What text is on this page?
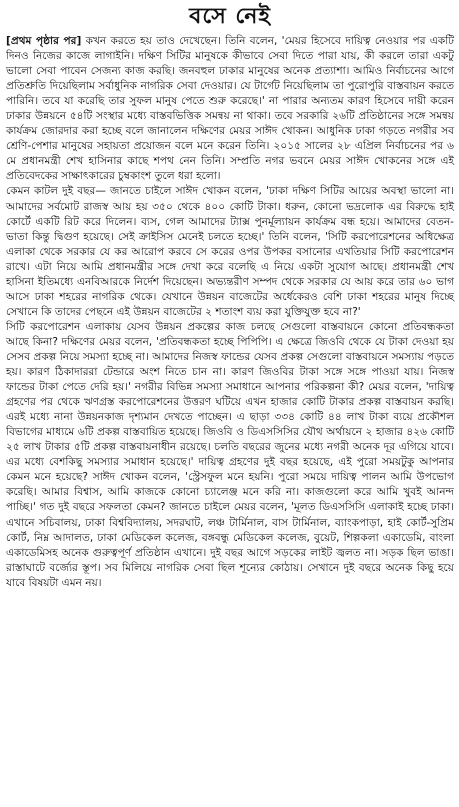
বসে নেই

[প্রথম পৃষ্ঠার পর] কখন করতে হয় তাও দেখেছেন। তিনি বলেন, 'মেয়র হিসেবে দায়িত্ব নেওয়ার পর একটি দিনও নিজের কাজে লাগাইনি। দক্ষিণ সিটির মানুষকে কীভাবে সেবা দিতে পারা যায়, কী করলে তারা একটু ভালো সেবা পাবেন সেজন্য কাজ করছি। জনবহুল ঢাকার মানুষের অনেক প্রত্যাশা। আমিও নির্বাচনের আগে প্রতিশ্রুতি দিয়েছিলাম সর্বাধুনিক নাগরিক সেবা দেওয়ার। যে টার্গেট নিয়েছিলাম তা পুরোপুরি বাস্তবায়ন করতে পারিনি। তবে যা করেছি তার সুফল মানুষ পেতে শুরু করেছে।' না পারার অন্যতম কারণ হিসেবে দায়ী করেন ঢাকার উন্নয়নে ৫৪টি সংস্থার মধ্যে বাস্তবভিত্তিক সমন্বয় না থাকা। তবে সরকারি ২৬টি প্রতিষ্ঠানের সঙ্গে সমন্বয় কার্যক্রম জোরদার করা হচ্ছে বলে জানালেন দক্ষিণের মেয়র সাঈদ খোকন। আধুনিক ঢাকা গড়তে নগরীর সব শ্রেণি-পেশার মানুষের সহায়তা প্রয়োজন বলে মনে করেন তিনি। ২০১৫ সালের ২৮ এপ্রিল নির্বাচনের পর ৬ মে প্রধানমন্ত্রী শেখ হাসিনার কাছে শপথ নেন তিনি। সম্প্রতি নগর ভবনে মেয়র সাঈদ খোকনের সঙ্গে এই প্রতিবেদকের সাক্ষাৎকারের চুম্বকাংশ তুলে ধরা হলো।

কেমন কাটল দুই বছর— জানতে চাইলে সাঈদ খোকন বলেন, 'ঢাকা দক্ষিণ সিটির আয়ের অবস্থা ভালো না। আমাদের সর্বমোট রাজস্ব আয় হয় ৩৫০ থেকে ৪০০ কোটি টাকা। ধরুন, কোনো ভদ্রলোক এর বিরুদ্ধে হাই কোর্টে একটি রিট করে দিলেন। ব্যস, গেল আমাদের ট্যাক্স পুনর্মূল্যায়ন কার্যক্রম বন্ধ হয়ে। আমাদের বেতন-ভাতা কিন্তু দ্বিগুণ হয়েছে। সেই ক্রাইসিস মেনেই চলতে হচ্ছে।' তিনি বলেন, 'সিটি করপোরেশনের অধিক্ষেত্র এলাকা থেকে সরকার যে কর আরোপ করবে সে করের ওপর উপকর বসানোর এখতিয়ার সিটি করপোরেশন রাখে। এটা নিয়ে আমি প্রধানমন্ত্রীর সঙ্গে দেখা করে বলেছি এ নিয়ে একটা সুযোগ আছে। প্রধানমন্ত্রী শেখ হাসিনা ইতিমধ্যে এনবিআরকে নির্দেশ দিয়েছেন। অভ্যন্তরীণ সম্পদ থেকে সরকার যে আয় করে তার ৬০ ভাগ আসে ঢাকা শহরের নাগরিক থেকে। যেখানে উন্নয়ন বাজেটের অর্ধেকেরও বেশি ঢাকা শহরের মানুষ দিচ্ছে সেখানে কি তাদের পেছনে এই উন্নয়ন বাজেটের ২ শতাংশ ব্যয় করা যুক্তিযুক্ত হবে না?'

সিটি করপোরেশন এলাকায় যেসব উন্নয়ন প্রকল্পের কাজ চলছে সেগুলো বাস্তবায়নে কোনো প্রতিবন্ধকতা আছে কিনা? দক্ষিণের মেয়র বলেন, 'প্রতিবন্ধকতা হচ্ছে পিপিপি। এ ক্ষেত্রে জিওবি থেকে যে টাকা দেওয়া হয় সেসব প্রকল্প নিয়ে সমস্যা হচ্ছে না। আমাদের নিজস্ব ফান্ডের যেসব প্রকল্প সেগুলো বাস্তবায়নে সমস্যায় পড়তে হয়। কারণ ঠিকাদাররা টেন্ডারে অংশ নিতে চান না। কারণ জিওবির টাকা সঙ্গে সঙ্গে পাওয়া যায়। নিজস্ব ফান্ডের টাকা পেতে দেরি হয়।' নগরীর বিভিন্ন সমস্যা সমাধানে আপনার পরিকল্পনা কী? মেয়র বলেন, 'দায়িত্ব গ্রহণের পর থেকে ঋণগ্রস্ত করপোরেশনের উত্তরণ ঘটিয়ে এখন হাজার কোটি টাকার প্রকল্প বাস্তবায়ন করছি। এরই মধ্যে নানা উন্নয়নকাজ দৃশ্যমান দেখতে পাচ্ছেন। এ ছাড়া ৩৩৪ কোটি ৪৪ লাখ টাকা ব্যয়ে প্রকৌশল বিভাগের মাধ্যমে ৬টি প্রকল্প বাস্তবায়িত হয়েছে। জিওবি ও ডিএসসিসির যৌথ অর্থায়নে ২ হাজার ৪২৬ কোটি ২৫ লাখ টাকার ৫টি প্রকল্প বাস্তবায়নাধীন রয়েছে। চলতি বছরের জুনের মধ্যে নগরী অনেক দূর এগিয়ে যাবে। এর মধ্যে বেশকিছু সমস্যার সমাধান হয়েছে।' দায়িত্ব গ্রহণের দুই বছর হয়েছে, এই পুরো সময়টুকু আপনার কেমন মনে হয়েছে? সাঈদ খোকন বলেন, 'স্ট্রেসফুল মনে হয়নি। পুরো সময়ে দায়িত্ব পালন আমি উপভোগ করেছি। আমার বিশ্বাস, আমি কাজকে কোনো চ্যালেঞ্জ মনে করি না। কাজগুলো করে আমি খুবই আনন্দ পাচ্ছি।' গত দুই বছরে সফলতা কেমন? জানতে চাইলে মেয়র বলেন, 'মূলত ডিএসসিসি এলাকাই হচ্ছে ঢাকা। এখানে সচিবালয়, ঢাকা বিশ্ববিদ্যালয়, সদরঘাট, লঞ্চ টার্মিনাল, বাস টার্মিনাল, ব্যাংকপাড়া, হাই কোর্ট-সুপ্রিম কোর্ট, নিম্ন আদালত, ঢাকা মেডিকেল কলেজ, বঙ্গবন্ধু মেডিকেল কলেজ, বুয়েট, শিল্পকলা একাডেমি, বাংলা একাডেমিসহ অনেক গুরুত্বপূর্ণ প্রতিষ্ঠান এখানে। দুই বছর আগে সড়কের লাইট জ্বলত না। সড়ক ছিল ভাঙা। রাস্তাঘাটে বর্জ্যের স্তূপ। সব মিলিয়ে নাগরিক সেবা ছিল শূন্যের কোঠায়। সেখানে দুই বছরে অনেক কিছু হয়ে যাবে বিষয়টা এমন নয়।
